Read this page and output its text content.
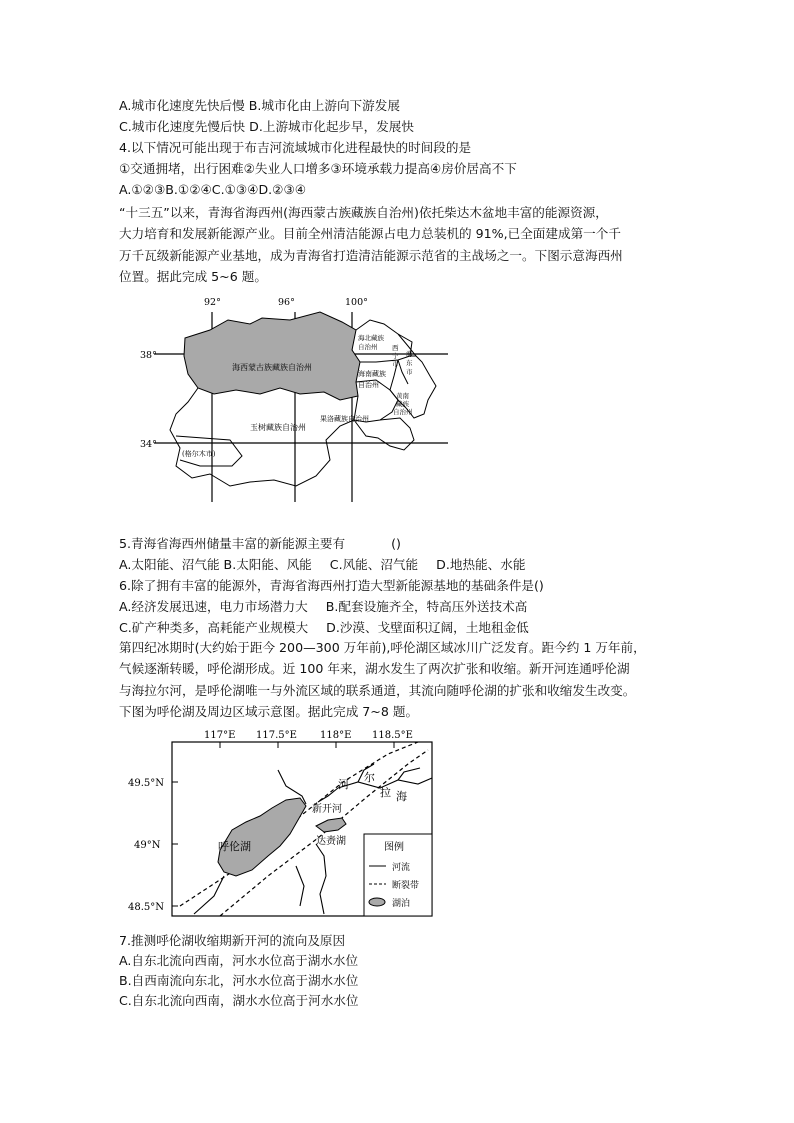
A.城市化速度先快后慢 B.城市化由上游向下游发展
C.城市化速度先慢后快 D.上游城市化起步早，发展快
4.以下情况可能出现于布吉河流域城市化进程最快的时间段的是
①交通拥堵，出行困难②失业人口增多③环境承载力提高④房价居高不下
A.①②③B.①②④C.①③④D.②③④

“十三五”以来，青海省海西州(海西蒙古族藏族自治州)依托柴达木盆地丰富的能源资源，

大力培育和发展新能源产业。目前全州清洁能源占电力总装机的 91%,已全面建成第一个千

万千瓦级新能源产业基地，成为青海省打造清洁能源示范省的主战场之一。下图示意海西州

位置。据此完成 5~6 题。

92°	96°	100°
38°
34°
海西蒙古族藏族自治州
玉树藏族自治州
果洛藏族自治州
海南藏族
自治州
海北藏族
自治州
黄南
藏族
自治州
西
宁
市
海
东
市
(格尔木市)
5.青海省海西州储量丰富的新能源主要有	()
A.太阳能、沼气能 B.太阳能、风能 C.风能、沼气能 D.地热能、水能
6.除了拥有丰富的能源外，青海省海西州打造大型新能源基地的基础条件是()
A.经济发展迅速，电力市场潜力大 B.配套设施齐全，特高压外送技术高
C.矿产种类多，高耗能产业规模大 D.沙漠、戈壁面积辽阔，土地租金低

第四纪冰期时(大约始于距今 200—300 万年前),呼伦湖区域冰川广泛发育。距今约 1 万年前，

气候逐渐转暖，呼伦湖形成。近 100 年来，湖水发生了两次扩张和收缩。新开河连通呼伦湖

与海拉尔河，是呼伦湖唯一与外流区域的联系通道，其流向随呼伦湖的扩张和收缩发生改变。

下图为呼伦湖及周边区域示意图。据此完成 7~8 题。

117°E 117.5°E 118°E 118.5°E
49.5°N
49°N
48.5°N
呼伦湖	达赉湖
新开河
河
尔
拉 海
图例
河流
断裂带
湖泊
7.推测呼伦湖收缩期新开河的流向及原因
A.自东北流向西南，河水水位高于湖水水位
B.自西南流向东北，河水水位高于湖水水位
C.自东北流向西南，湖水水位高于河水水位
